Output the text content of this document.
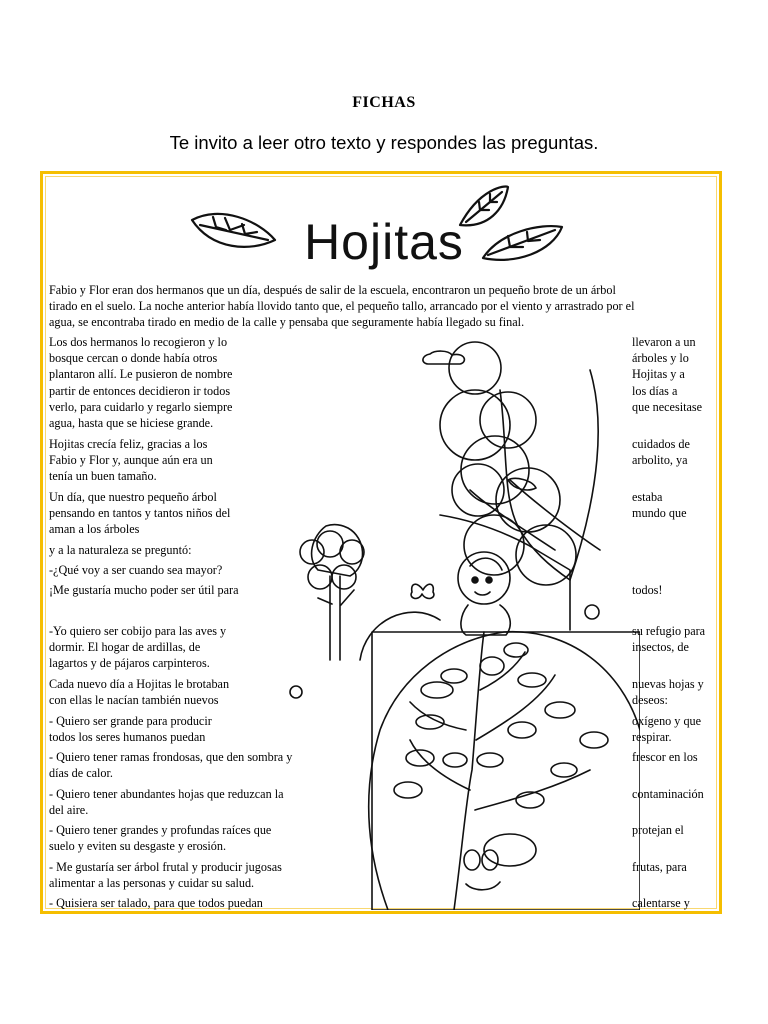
FICHAS
Te invito a leer otro texto y respondes las preguntas.
Hojitas
Fabio y Flor eran dos hermanos que un día, después de salir de la escuela, encontraron un pequeño brote de un árbol
tirado en el suelo. La noche anterior había llovido tanto que, el pequeño tallo, arrancado por el viento y arrastrado por el
agua, se encontraba tirado en medio de la calle y pensaba que seguramente había llegado su final.
Los dos hermanos lo recogieron y lo
bosque cercan o donde había otros
plantaron allí. Le pusieron de nombre
partir de entonces decidieron ir todos
verlo, para cuidarlo y regarlo siempre
agua, hasta que se hiciese grande.
Hojitas crecía feliz, gracias a los
Fabio y Flor y, aunque aún era un
tenía un buen tamaño.
Un día, que nuestro pequeño árbol
pensando en tantos y tantos niños del
aman a los árboles
y a la naturaleza se preguntó:
-¿Qué voy a ser cuando sea mayor?
¡Me gustaría mucho poder ser útil para
-Yo quiero ser cobijo para las aves y
dormir. El hogar de ardillas, de
lagartos y de pájaros carpinteros.
Cada nuevo día a Hojitas le brotaban
con ellas le nacían también nuevos
- Quiero ser grande para producir
todos los seres humanos puedan
- Quiero tener ramas frondosas, que den sombra y
días de calor.
- Quiero tener abundantes hojas que reduzcan la
del aire.
- Quiero tener grandes y profundas raíces que
suelo y eviten su desgaste y erosión.
- Me gustaría ser árbol frutal y producir jugosas
alimentar a las personas y cuidar su salud.
- Quisiera ser talado, para que todos puedan
llevaron a un
árboles y lo
Hojitas y a
los días a
que necesitase
cuidados de
arbolito, ya
estaba
mundo que
todos!
su refugio para
insectos, de
nuevas hojas y
deseos:
oxígeno y que
respirar.
frescor en los
contaminación
protejan el
frutas, para
calentarse y
